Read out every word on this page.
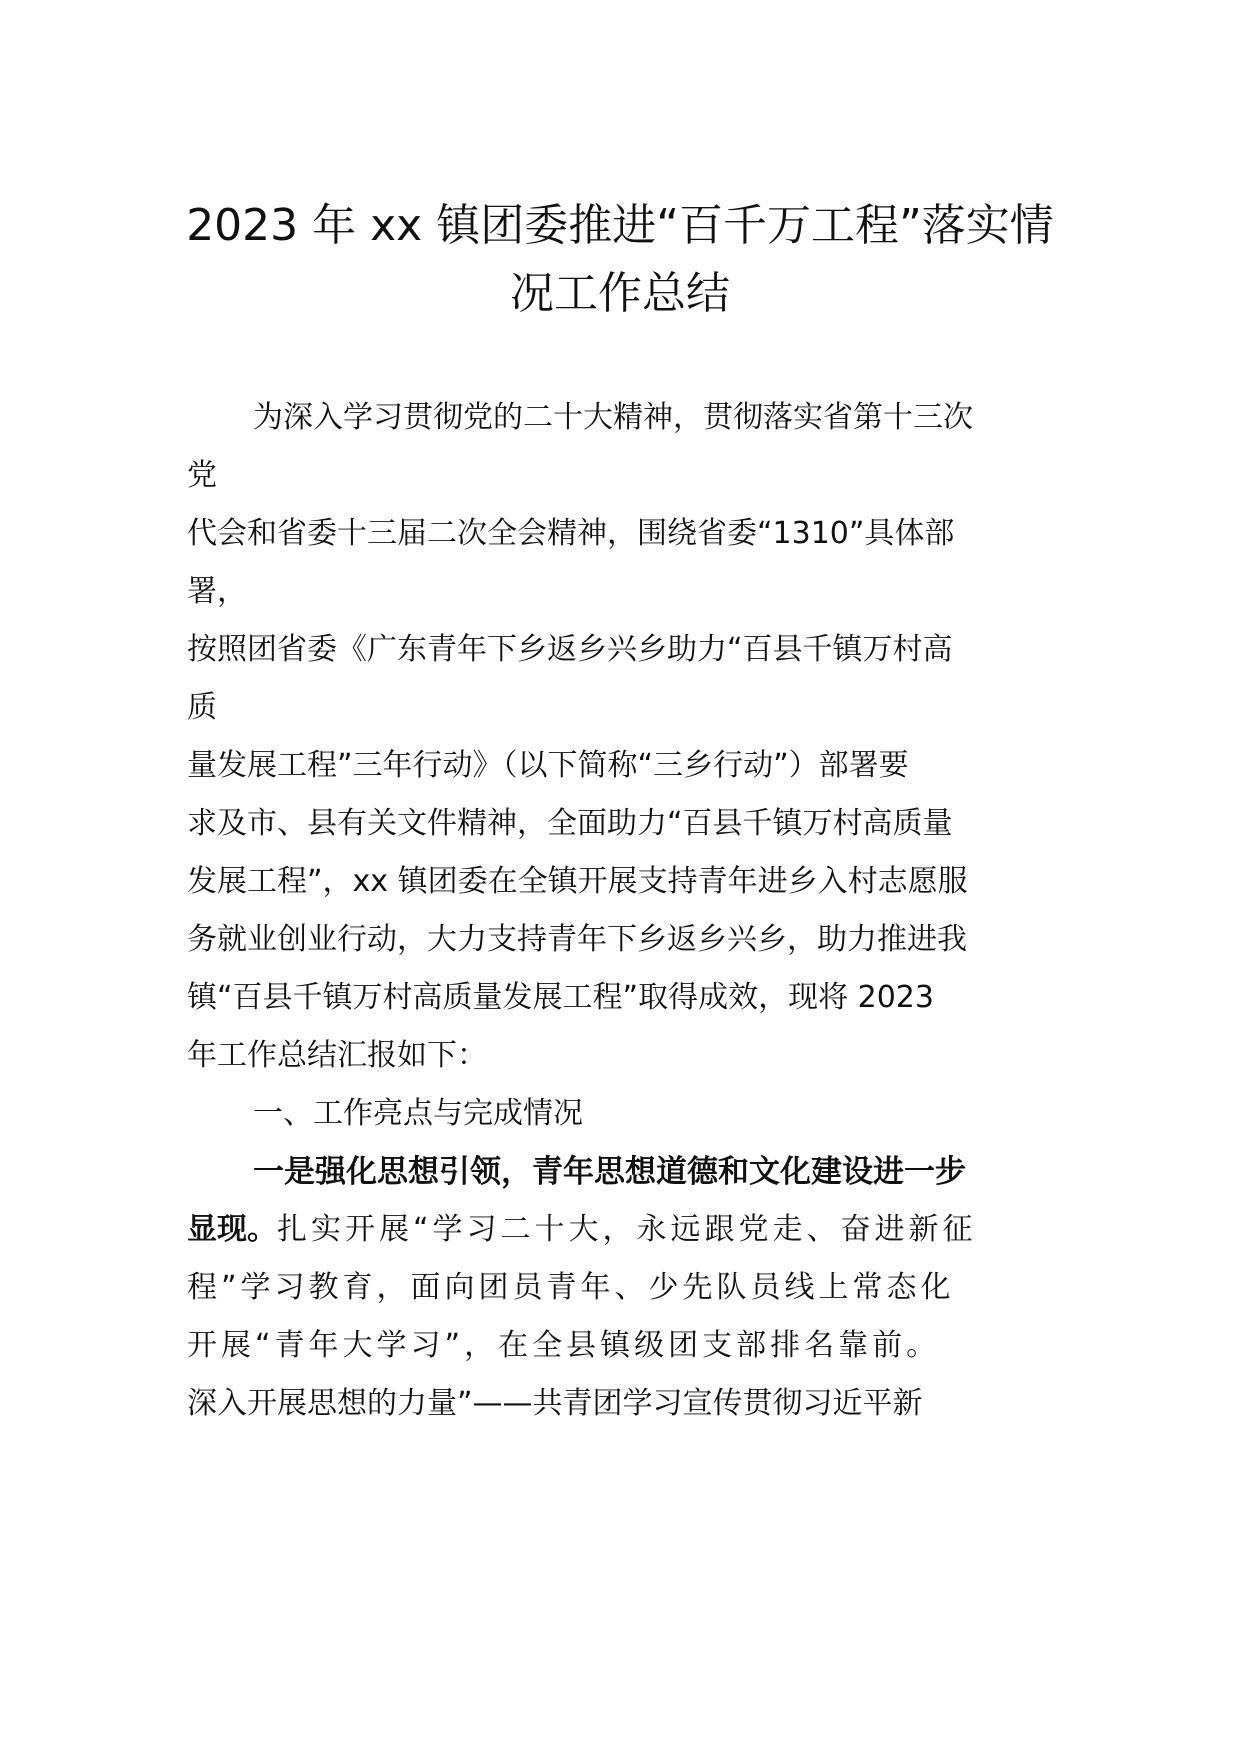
2023 年 xx 镇团委推进“百千万工程”落实情
况工作总结
为深入学习贯彻党的二十大精神，贯彻落实省第十三次
党
代会和省委十三届二次全会精神，围绕省委“1310”具体部
署，
按照团省委《广东青年下乡返乡兴乡助力“百县千镇万村高
质
量发展工程”三年行动》（以下简称“三乡行动”）部署要
求及市、县有关文件精神，全面助力“百县千镇万村高质量
发展工程”，xx 镇团委在全镇开展支持青年进乡入村志愿服
务就业创业行动，大力支持青年下乡返乡兴乡，助力推进我
镇“百县千镇万村高质量发展工程”取得成效，现将 2023
年工作总结汇报如下：
一、工作亮点与完成情况
一是强化思想引领，青年思想道德和文化建设进一步
显现。扎实开展“学习二十大，永远跟党走、奋进新征
程”学习教育，面向团员青年、少先队员线上常态化
开展“青年大学习”，在全县镇级团支部排名靠前。
深入开展思想的力量”——共青团学习宣传贯彻习近平新
